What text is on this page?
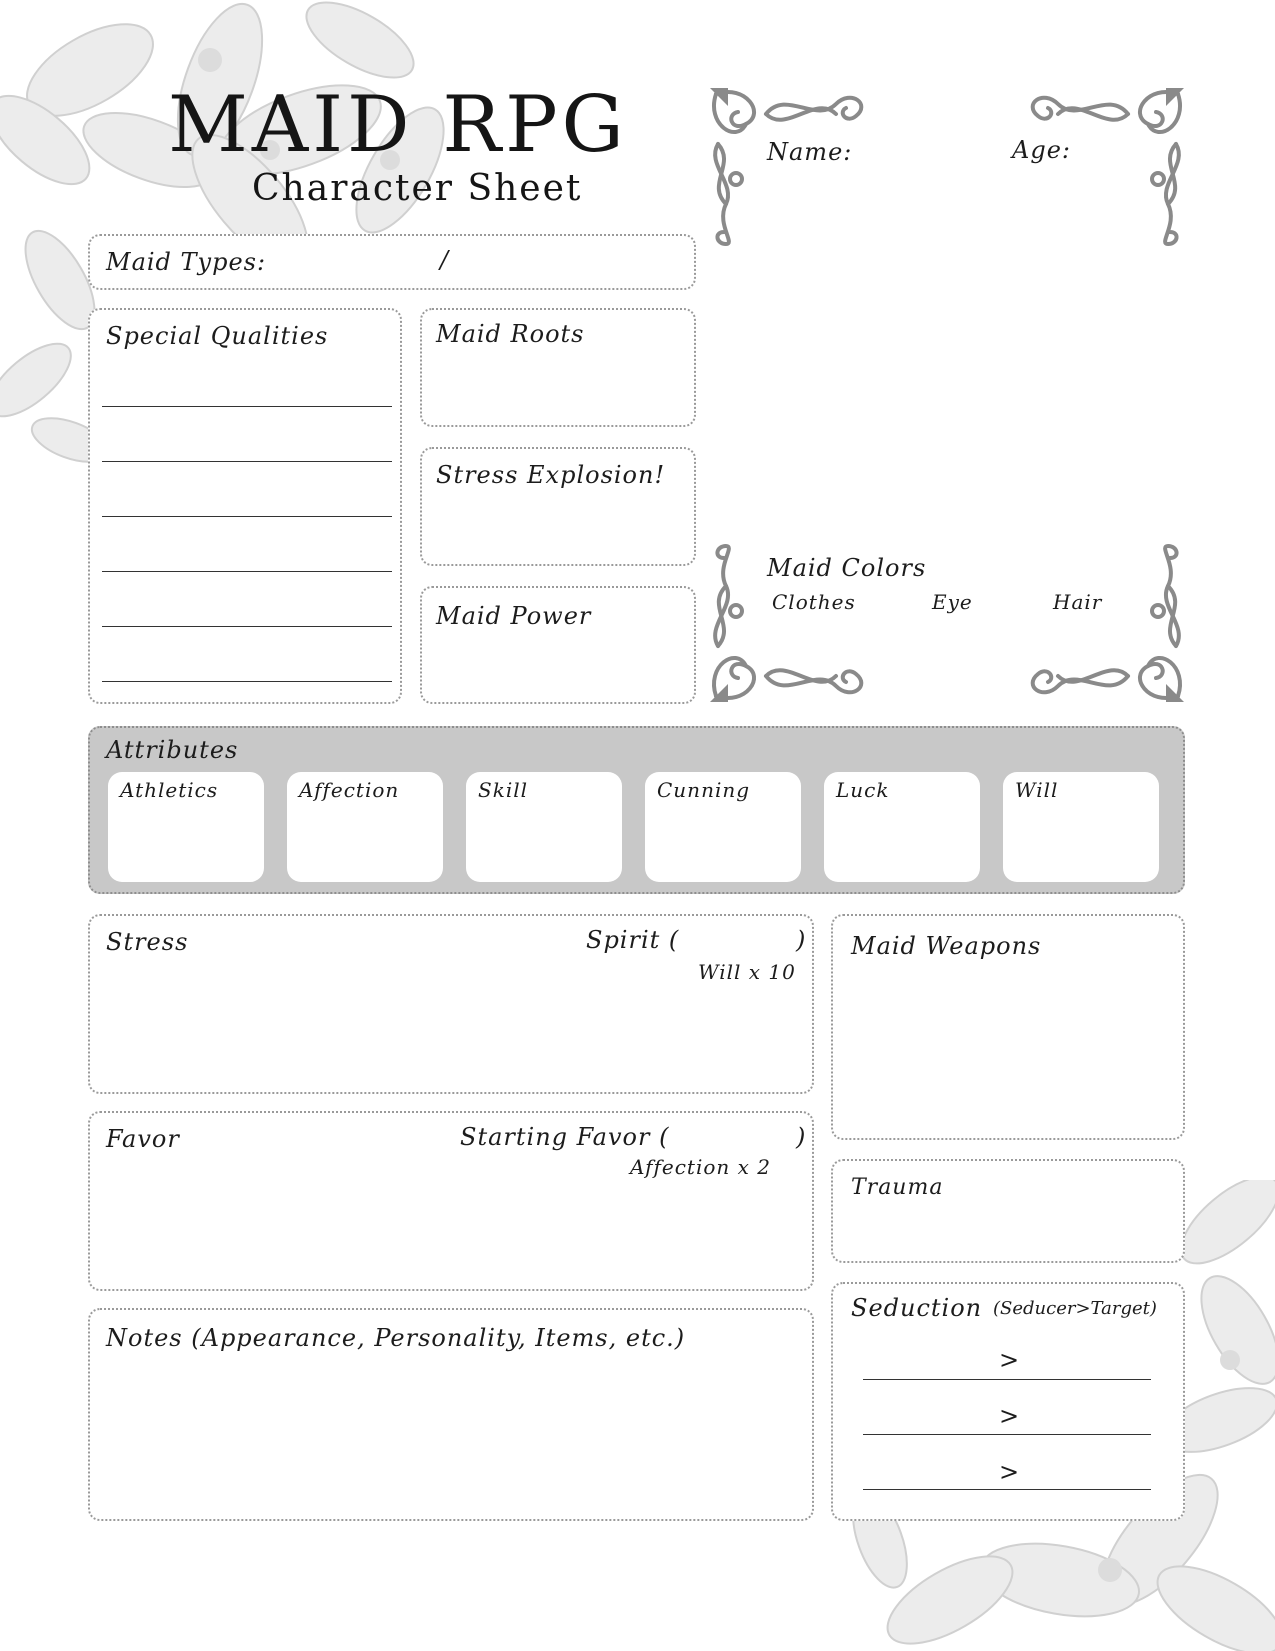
MAID RPG
Character Sheet
Name:	Age:
Maid Colors
Clothes	Eye	Hair
Maid Types:	/
Special Qualities	Maid Roots
Stress Explosion!
Maid Power
Attributes
Athletics	Affection	Skill	Cunning	Luck	Will
Stress	Spirit (	)
Will x 10
Favor	Starting Favor (	)
Affection x 2
Notes (Appearance, Personality, Items, etc.)
Maid Weapons
Trauma
Seduction (Seducer>Target)
>
>
>
